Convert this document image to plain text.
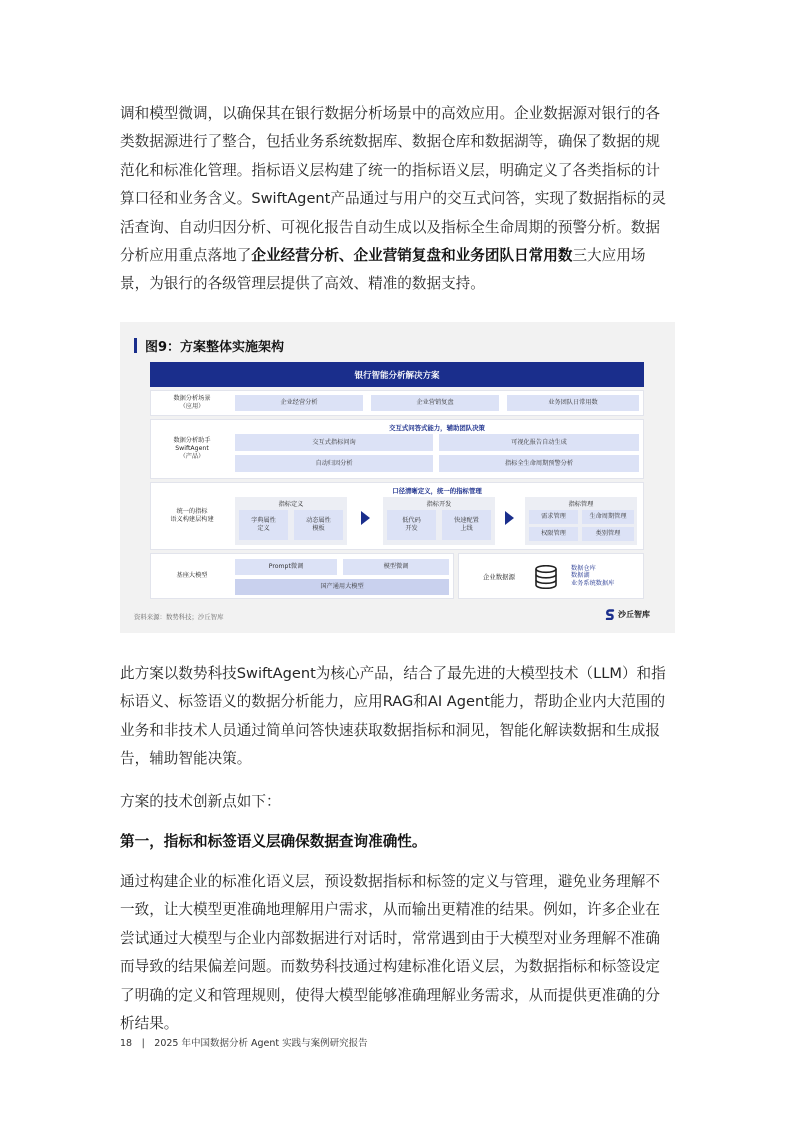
调和模型微调，以确保其在银行数据分析场景中的高效应用。企业数据源对银行的各类数据源进行了整合，包括业务系统数据库、数据仓库和数据湖等，确保了数据的规范化和标准化管理。指标语义层构建了统一的指标语义层，明确定义了各类指标的计算口径和业务含义。SwiftAgent产品通过与用户的交互式问答，实现了数据指标的灵活查询、自动归因分析、可视化报告自动生成以及指标全生命周期的预警分析。数据分析应用重点落地了企业经营分析、企业营销复盘和业务团队日常用数三大应用场景，为银行的各级管理层提供了高效、精准的数据支持。

图9：方案整体实施架构
银行智能分析解决方案
数据分析场景
（应用）
企业经营分析	企业营销复盘	业务团队日常用数
数据分析助手
SwiftAgent
（产品）
交互式问答式能力，辅助团队决策
交互式指标问询	可视化报告自动生成
自动归因分析	指标全生命周期预警分析
统一的指标
语义构建层构建
口径清晰定义，统一的指标管理
指标定义
字典属性
定义
动态属性
模板
指标开发
低代码
开发
快速配置
上线
指标管理
需求管理	生命周期管理
权限管理	类别管理
基座大模型
Prompt微调	模型微调
国产通用大模型
企业数据源
数据仓库
数据湖
业务系统数据库
资料来源：数势科技；沙丘智库	沙丘智库

此方案以数势科技SwiftAgent为核心产品，结合了最先进的大模型技术（LLM）和指标语义、标签语义的数据分析能力，应用RAG和AI Agent能力，帮助企业内大范围的业务和非技术人员通过简单问答快速获取数据指标和洞见，智能化解读数据和生成报告，辅助智能决策。

方案的技术创新点如下：

第一，指标和标签语义层确保数据查询准确性。

通过构建企业的标准化语义层，预设数据指标和标签的定义与管理，避免业务理解不一致，让大模型更准确地理解用户需求，从而输出更精准的结果。例如，许多企业在尝试通过大模型与企业内部数据进行对话时，常常遇到由于大模型对业务理解不准确而导致的结果偏差问题。而数势科技通过构建标准化语义层，为数据指标和标签设定了明确的定义和管理规则，使得大模型能够准确理解业务需求，从而提供更准确的分析结果。

18　|　2025 年中国数据分析 Agent 实践与案例研究报告
